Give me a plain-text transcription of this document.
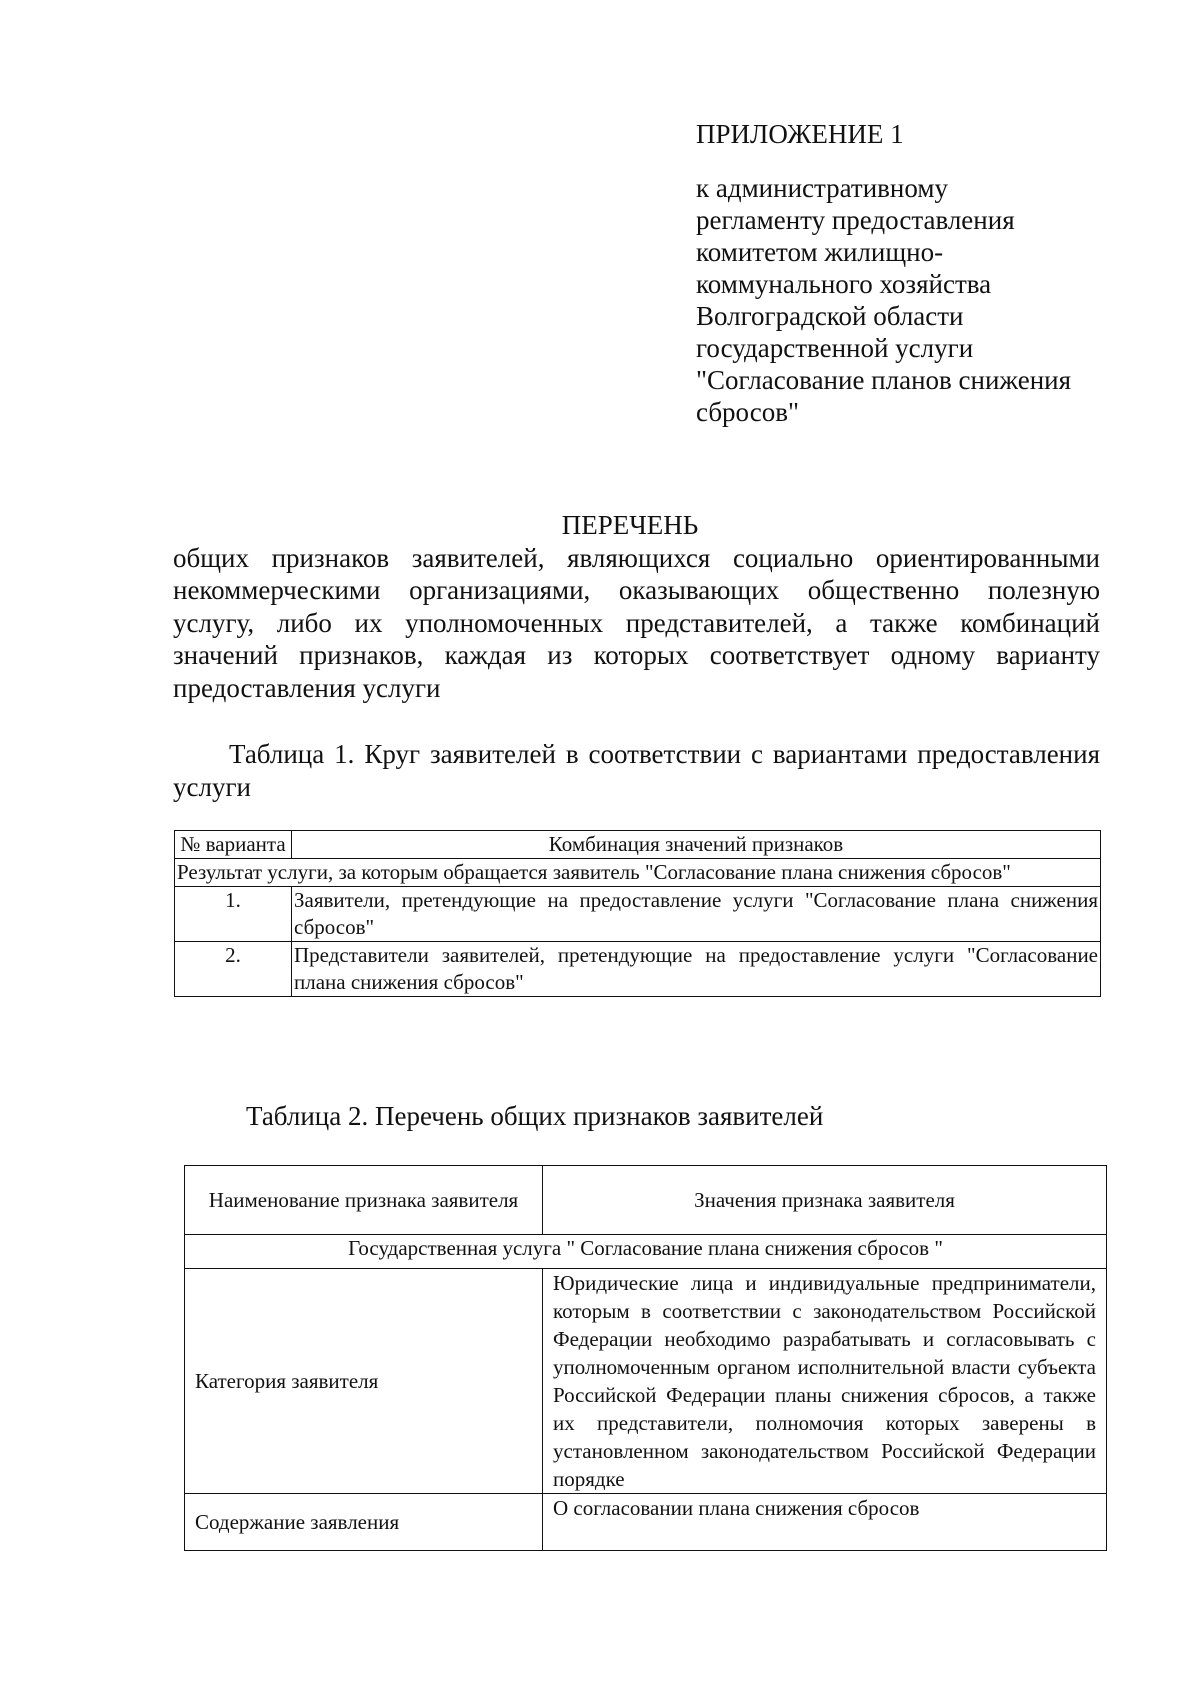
ПРИЛОЖЕНИЕ 1
к административному
регламенту предоставления
комитетом жилищно-
коммунального хозяйства
Волгоградской области
государственной услуги
"Согласование планов снижения
сбросов"
ПЕРЕЧЕНЬ
общих признаков заявителей, являющихся социально ориентированными некоммерческими организациями, оказывающих общественно полезную услугу, либо их уполномоченных представителей, а также комбинаций значений признаков, каждая из которых соответствует одному варианту предоставления услуги
Таблица 1. Круг заявителей в соответствии с вариантами предоставления услуги
№ варианта	Комбинация значений признаков
Результат услуги, за которым обращается заявитель "Согласование плана снижения сбросов"	
1.	Заявители, претендующие на предоставление услуги "Согласование плана снижения сбросов"
2.	Представители заявителей, претендующие на предоставление услуги "Согласование плана снижения сбросов"
Таблица 2. Перечень общих признаков заявителей
Наименование признака заявителя	Значения признака заявителя
Государственная услуга " Согласование плана снижения сбросов "	
Категория заявителя	Юридические лица и индивидуальные предприниматели, которым в соответствии с законодательством Российской Федерации необходимо разрабатывать и согласовывать с уполномоченным органом исполнительной власти субъекта Российской Федерации планы снижения сбросов, а также их представители, полномочия которых заверены в установленном законодательством Российской Федерации порядке
Содержание заявления	О согласовании плана снижения сбросов
